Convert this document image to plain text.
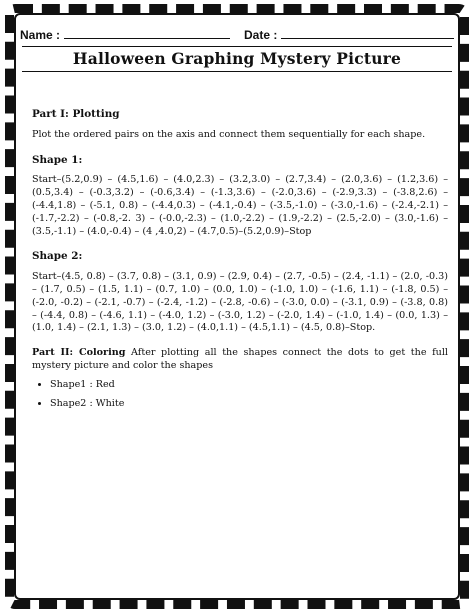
Name :	Date :
Halloween Graphing Mystery Picture

Part I: Plotting

Plot the ordered pairs on the axis and connect them sequentially for each shape.

Shape 1:

Start–(5.2,0.9) – (4.5,1.6) – (4.0,2.3) – (3.2,3.0) – (2.7,3.4) – (2.0,3.6) – (1.2,3.6) – (0.5,3.4) – (-0.3,3.2) – (-0.6,3.4) – (-1.3,3.6) – (-2.0,3.6) – (-2.9,3.3) – (-3.8,2.6) – (-4.4,1.8) – (-5.1, 0.8) – (-4.4,0.3) – (-4.1,-0.4) – (-3.5,-1.0) – (-3.0,-1.6) – (-2.4,-2.1) – (-1.7,-2.2) – (-0.8,-2. 3) – (-0.0,-2.3) – (1.0,-2.2) – (1.9,-2.2) – (2.5,-2.0) – (3.0,-1.6) – (3.5,-1.1) – (4.0,-0.4) – (4 ,4.0,2) – (4.7,0.5)–(5.2,0.9)–Stop

Shape 2:

Start–(4.5, 0.8) – (3.7, 0.8) – (3.1, 0.9) – (2.9, 0.4) – (2.7, -0.5) – (2.4, -1.1) – (2.0, -0.3) – (1.7, 0.5) – (1.5, 1.1) – (0.7, 1.0) – (0.0, 1.0) – (-1.0, 1.0) – (-1.6, 1.1) – (-1.8, 0.5) – (-2.0, -0.2) – (-2.1, -0.7) – (-2.4, -1.2) – (-2.8, -0.6) – (-3.0, 0.0) – (-3.1, 0.9) – (-3.8, 0.8) – (-4.4, 0.8) – (-4.6, 1.1) – (-4.0, 1.2) – (-3.0, 1.2) – (-2.0, 1.4) – (-1.0, 1.4) – (0.0, 1.3) – (1.0, 1.4) – (2.1, 1.3) – (3.0, 1.2) – (4.0,1.1) – (4.5,1.1) – (4.5, 0.8)–Stop.

Part II: Coloring After plotting all the shapes connect the dots to get the full mystery picture and color the shapes

• Shape1 : Red
• Shape2 : White
